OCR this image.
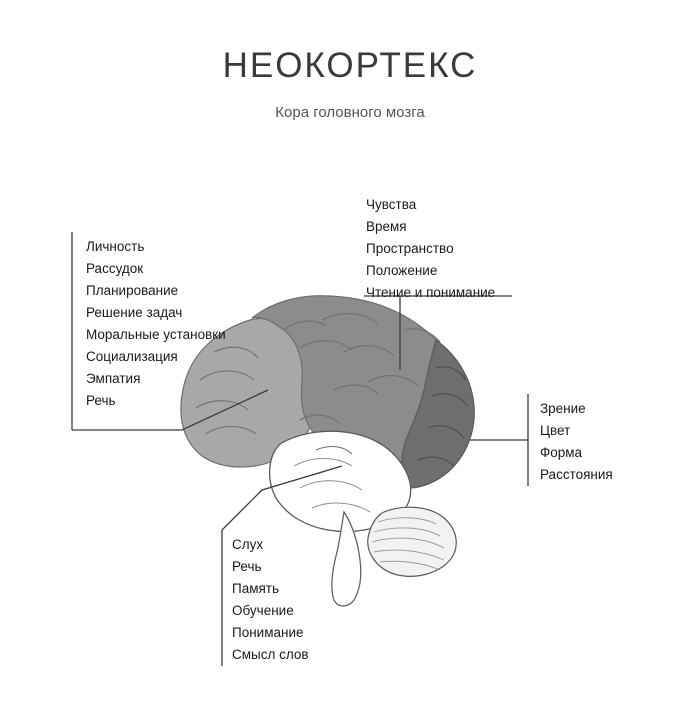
НЕОКОРТЕКС
Кора головного мозга
Личность
Рассудок
Планирование
Решение задач
Моральные установки
Социализация
Эмпатия
Речь
Чувства
Время
Пространство
Положение
Чтение и понимание
Зрение
Цвет
Форма
Расстояния
Слух
Речь
Память
Обучение
Понимание
Смысл слов
